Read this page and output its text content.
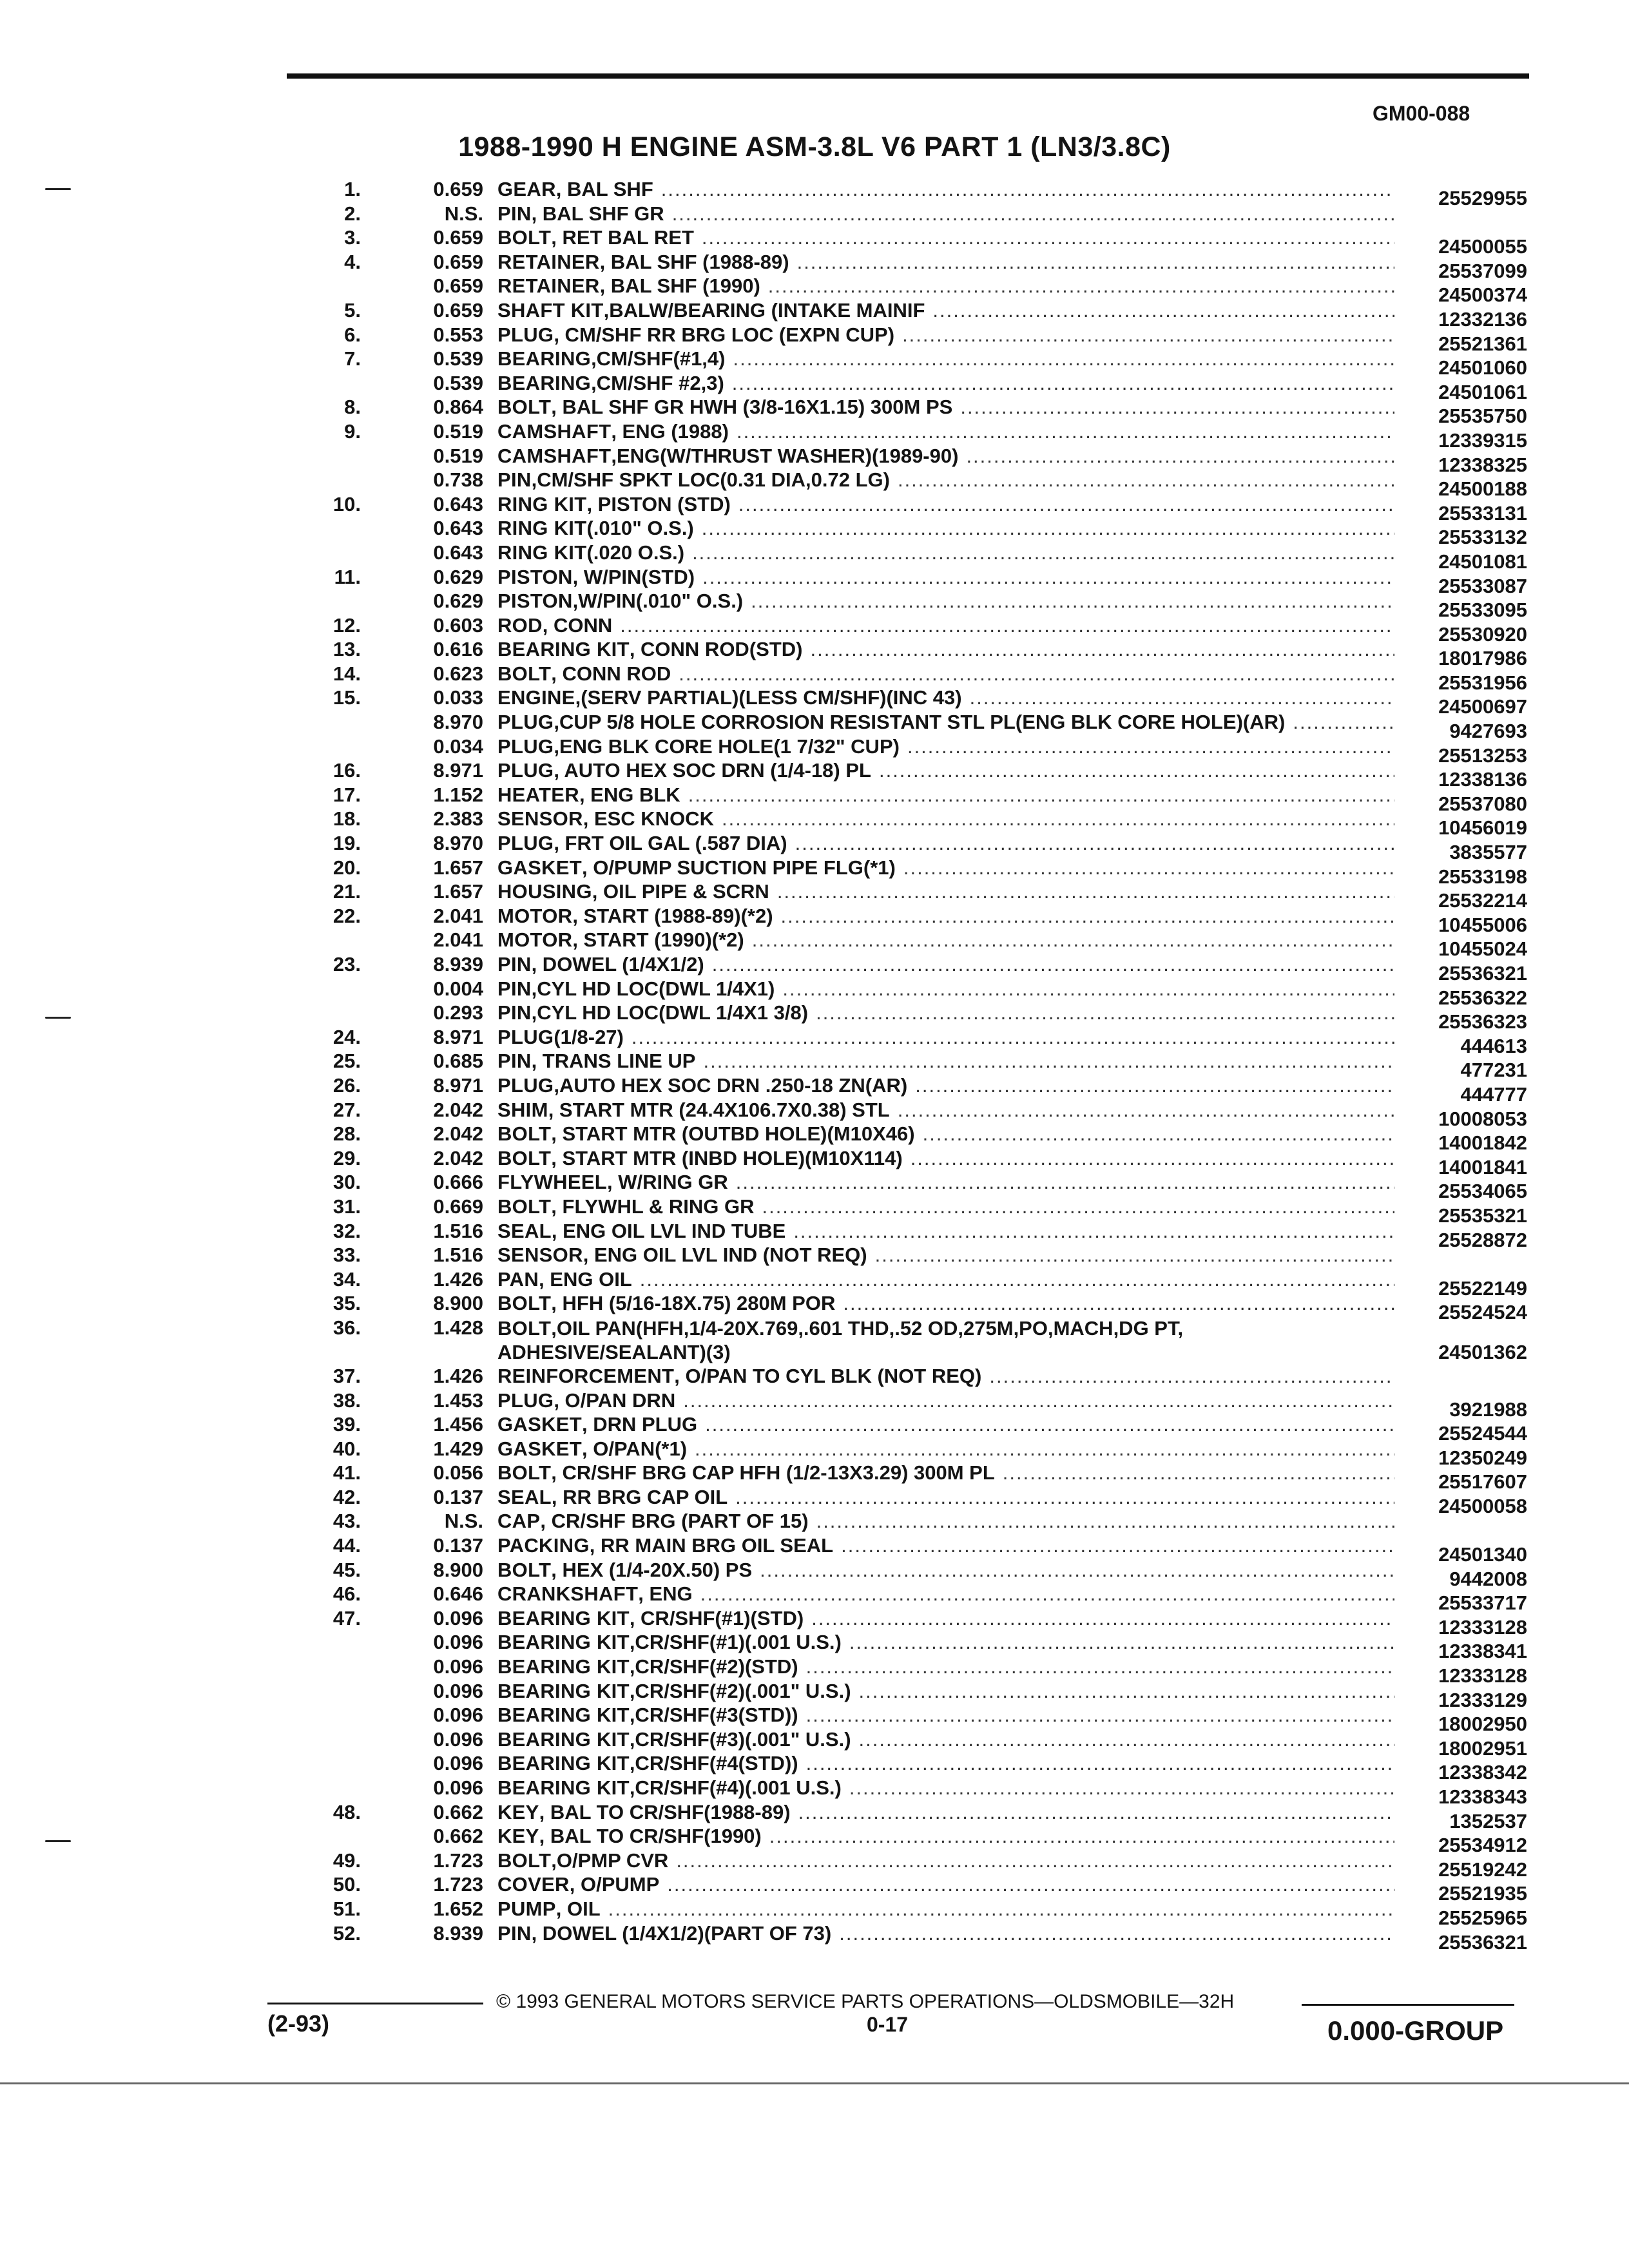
GM00-088
1988-1990 H ENGINE ASM-3.8L V6 PART 1 (LN3/3.8C)
1.	0.659 GEAR, BAL SHF .....	25529955
2.	N.S. PIN, BAL SHF GR
.....
3.	0.659 BOLT, RET BAL RET .....	24500055
4.	0.659 RETAINER, BAL SHF (1988-89) .....	25537099
0.659 RETAINER, BAL SHF (1990) .....	24500374
5.	0.659 SHAFT KIT,BALW/BEARING (INTAKE MAINIF .....	12332136
6.	0.553 PLUG, CM/SHF RR BRG LOC (EXPN CUP) .....	25521361
7.	0.539 BEARING,CM/SHF(#1,4) .....	24501060
0.539 BEARING,CM/SHF #2,3) .....	24501061
8.	0.864 BOLT, BAL SHF GR HWH (3/8-16X1.15) 300M PS .....	25535750
9.	0.519 CAMSHAFT, ENG (1988) .....	12339315
0.519 CAMSHAFT,ENG(W/THRUST WASHER)(1989-90) .....	12338325
0.738 PIN,CM/SHF SPKT LOC(0.31 DIA,0.72 LG) .....	24500188
10.	0.643 RING KIT, PISTON (STD) .....	25533131
0.643 RING KIT(.010" O.S.) .....	25533132
0.643 RING KIT(.020 O.S.) .....	24501081
11.	0.629 PISTON, W/PIN(STD) .....	25533087
0.629 PISTON,W/PIN(.010" O.S.) .....	25533095
12.	0.603 ROD, CONN .....	25530920
13.	0.616 BEARING KIT, CONN ROD(STD) .....	18017986
14.	0.623 BOLT, CONN ROD .....	25531956
15.	0.033 ENGINE,(SERV PARTIAL)(LESS CM/SHF)(INC 43) .....	24500697
8.970 PLUG,CUP 5/8 HOLE CORROSION RESISTANT STL PL(ENG BLK CORE HOLE)(AR) .....	9427693
0.034 PLUG,ENG BLK CORE HOLE(1 7/32" CUP) .....	25513253
16.	8.971 PLUG, AUTO HEX SOC DRN (1/4-18) PL .....	12338136
17.	1.152 HEATER, ENG BLK .....	25537080
18.	2.383 SENSOR, ESC KNOCK .....	10456019
19.	8.970 PLUG, FRT OIL GAL (.587 DIA) .....	3835577
20.	1.657 GASKET, O/PUMP SUCTION PIPE FLG(*1) .....	25533198
21.	1.657 HOUSING, OIL PIPE & SCRN .....	25532214
22.	2.041 MOTOR, START (1988-89)(*2) .....	10455006
2.041 MOTOR, START (1990)(*2) .....	10455024
23.	8.939 PIN, DOWEL (1/4X1/2) .....	25536321
0.004 PIN,CYL HD LOC(DWL 1/4X1) .....	25536322
0.293 PIN,CYL HD LOC(DWL 1/4X1 3/8) .....	25536323
24.	8.971 PLUG(1/8-27) .....	444613
25.	0.685 PIN, TRANS LINE UP .....	477231
26.	8.971 PLUG,AUTO HEX SOC DRN .250-18 ZN(AR) .....	444777
27.	2.042 SHIM, START MTR (24.4X106.7X0.38) STL .....	10008053
28.	2.042 BOLT, START MTR (OUTBD HOLE)(M10X46) .....	14001842
29.	2.042 BOLT, START MTR (INBD HOLE)(M10X114) .....	14001841
30.	0.666 FLYWHEEL, W/RING GR .....	25534065
31.	0.669 BOLT, FLYWHL & RING GR .....	25535321
32.	1.516 SEAL, ENG OIL LVL IND TUBE .....	25528872
33.	1.516 SENSOR, ENG OIL LVL IND (NOT REQ)
.....
34.	1.426 PAN, ENG OIL .....	25522149
35.	8.900 BOLT, HFH (5/16-18X.75) 280M POR .....	25524524
36.	1.428 BOLT,OIL PAN(HFH,1/4-20X.769,.601 THD,.52 OD,275M,PO,MACH,DG PT, ADHESIVE/SEALANT)(3)	24501362
37.	1.426 REINFORCEMENT, O/PAN TO CYL BLK (NOT REQ)
.....
38.	1.453 PLUG, O/PAN DRN .....	3921988
39.	1.456 GASKET, DRN PLUG .....	25524544
40.	1.429 GASKET, O/PAN(*1) .....	12350249
41.	0.056 BOLT, CR/SHF BRG CAP HFH (1/2-13X3.29) 300M PL .....	25517607
42.	0.137 SEAL, RR BRG CAP OIL .....	24500058
43.	N.S. CAP, CR/SHF BRG (PART OF 15)
.....
44.	0.137 PACKING, RR MAIN BRG OIL SEAL .....	24501340
45.	8.900 BOLT, HEX (1/4-20X.50) PS .....	9442008
46.	0.646 CRANKSHAFT, ENG .....	25533717
47.	0.096 BEARING KIT, CR/SHF(#1)(STD) .....	12333128
0.096 BEARING KIT,CR/SHF(#1)(.001 U.S.) .....	12338341
0.096 BEARING KIT,CR/SHF(#2)(STD) .....	12333128
0.096 BEARING KIT,CR/SHF(#2)(.001" U.S.) .....	12333129
0.096 BEARING KIT,CR/SHF(#3(STD)) .....	18002950
0.096 BEARING KIT,CR/SHF(#3)(.001" U.S.) .....	18002951
0.096 BEARING KIT,CR/SHF(#4(STD)) .....	12338342
0.096 BEARING KIT,CR/SHF(#4)(.001 U.S.) .....	12338343
48.	0.662 KEY, BAL TO CR/SHF(1988-89) .....	1352537
0.662 KEY, BAL TO CR/SHF(1990) .....	25534912
49.	1.723 BOLT,O/PMP CVR .....	25519242
50.	1.723 COVER, O/PUMP .....	25521935
51.	1.652 PUMP, OIL .....	25525965
52.	8.939 PIN, DOWEL (1/4X1/2)(PART OF 73) .....	25536321
© 1993 GENERAL MOTORS SERVICE PARTS OPERATIONS—OLDSMOBILE—32H
(2-93)	0-17	0.000-GROUP
